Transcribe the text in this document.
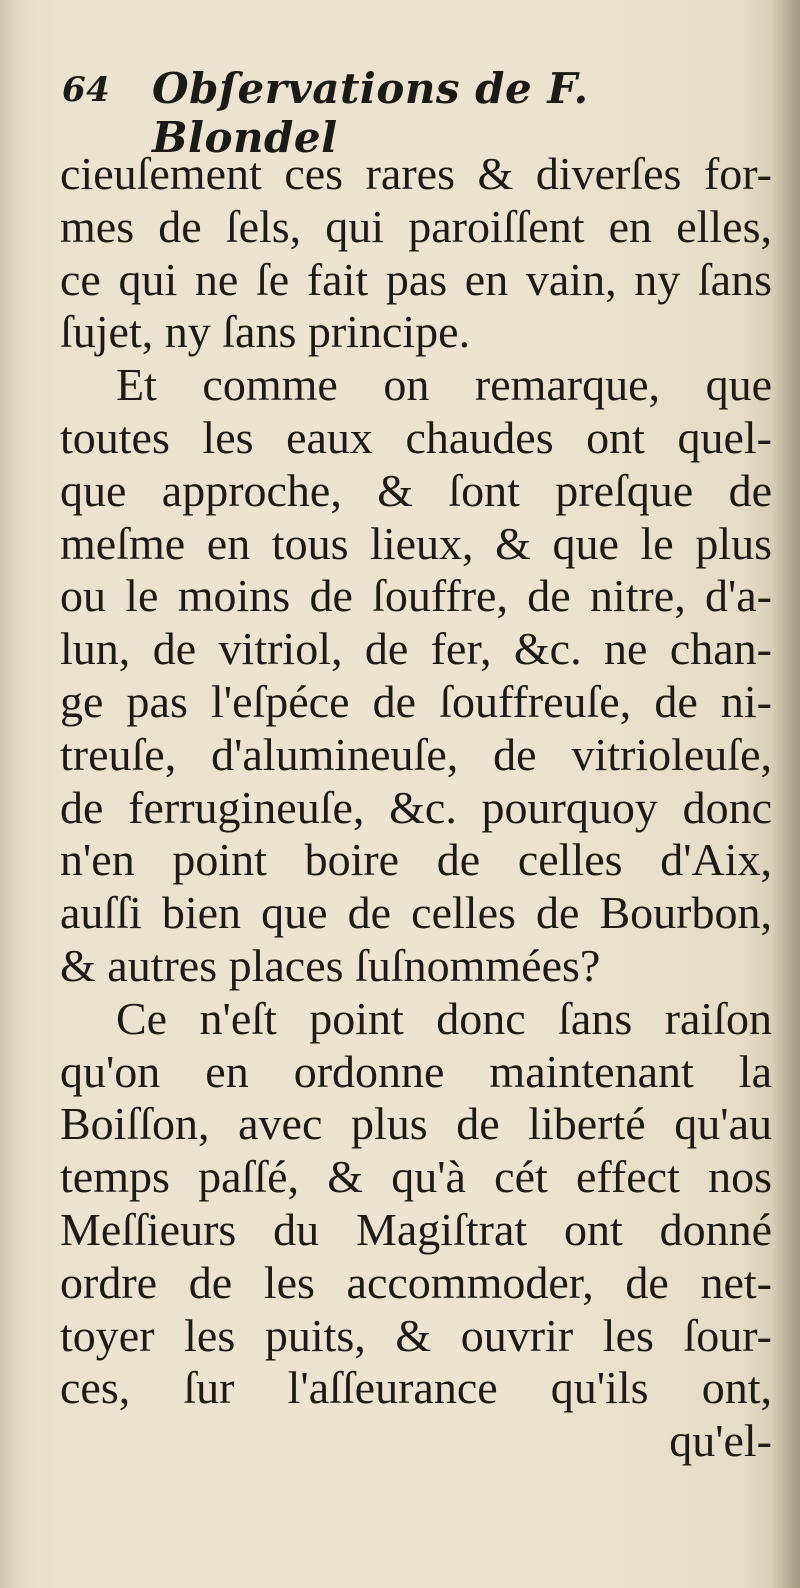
64 Obſervations de F. Blondel
cieuſement ces rares & diverſes for-
mes de ſels, qui paroiſſent en elles,
ce qui ne ſe fait pas en vain, ny ſans
ſujet, ny ſans principe.
Et comme on remarque, que
toutes les eaux chaudes ont quel-
que approche, & ſont preſque de
meſme en tous lieux, & que le plus
ou le moins de ſouffre, de nitre, d'a-
lun, de vitriol, de fer, &c. ne chan-
ge pas l'eſpéce de ſouffreuſe, de ni-
treuſe, d'alumineuſe, de vitrioleuſe,
de ferrugineuſe, &c. pourquoy donc
n'en point boire de celles d'Aix,
auſſi bien que de celles de Bourbon,
& autres places ſuſnommées?
Ce n'eſt point donc ſans raiſon
qu'on en ordonne maintenant la
Boiſſon, avec plus de liberté qu'au
temps paſſé, & qu'à cét effect nos
Meſſieurs du Magiſtrat ont donné
ordre de les accommoder, de net-
toyer les puits, & ouvrir les ſour-
ces, ſur l'aſſeurance qu'ils ont,
qu'el-
